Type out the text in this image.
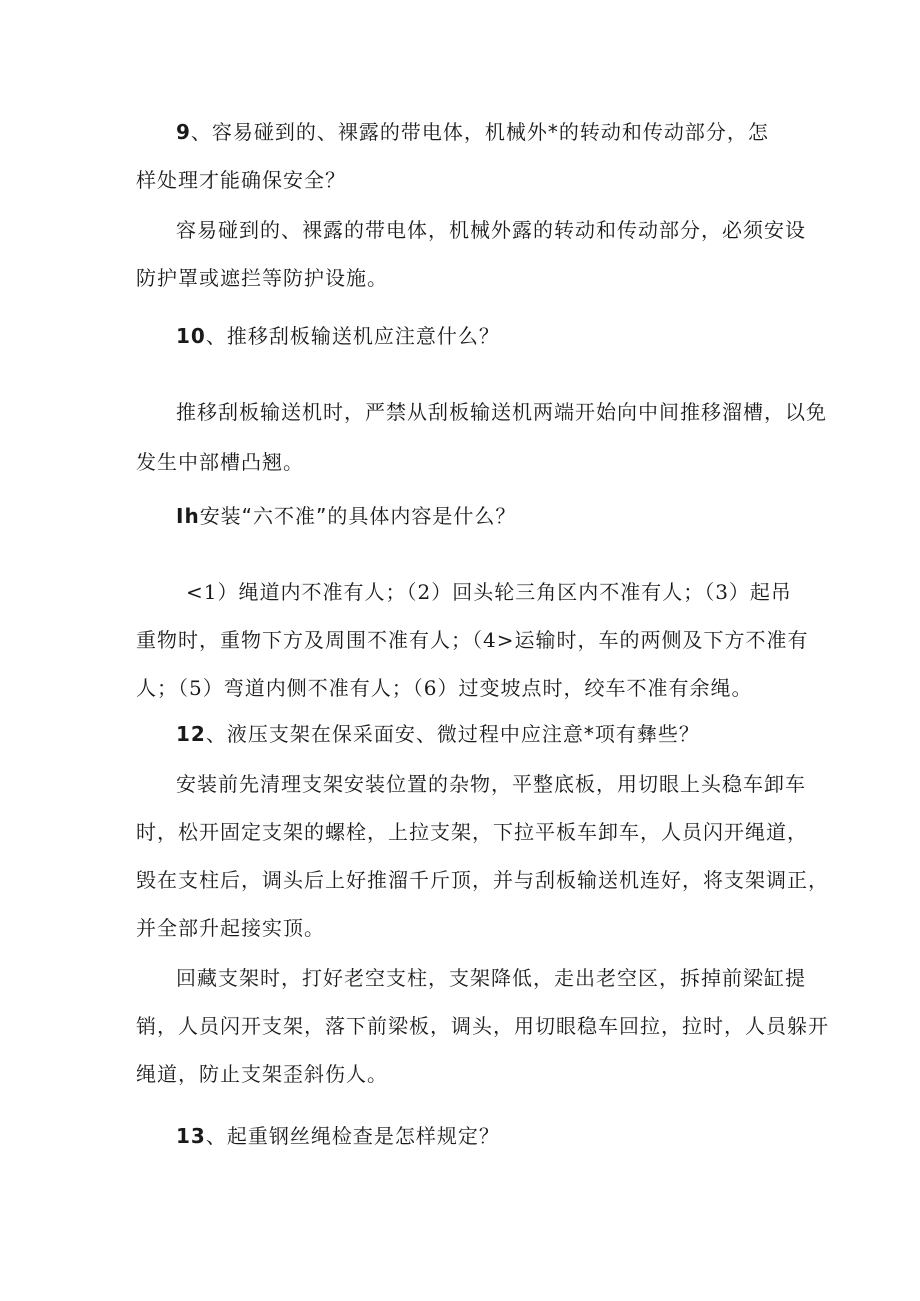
9、容易碰到的、裸露的带电体，机械外*的转动和传动部分，怎
样处理才能确保安全？
容易碰到的、裸露的带电体，机械外露的转动和传动部分，必须安设
防护罩或遮拦等防护设施。
10、推移刮板输送机应注意什么？
推移刮板输送机时，严禁从刮板输送机两端开始向中间推移溜槽，以免
发生中部槽凸翘。
Ih安装“六不准”的具体内容是什么？
<1）绳道内不准有人；（2）回头轮三角区内不准有人；（3）起吊
重物时，重物下方及周围不准有人；（4>运输时，车的两侧及下方不准有
人；（5）弯道内侧不准有人；（6）过变坡点时，绞车不准有余绳。
12、液压支架在保采面安、微过程中应注意*项有彝些？
安装前先清理支架安装位置的杂物，平整底板，用切眼上头稳车卸车
时，松开固定支架的螺栓，上拉支架，下拉平板车卸车，人员闪开绳道，
毁在支柱后，调头后上好推溜千斤顶，并与刮板输送机连好，将支架调正，
并全部升起接实顶。
回藏支架时，打好老空支柱，支架降低，走出老空区，拆掉前梁缸提
销，人员闪开支架，落下前梁板，调头，用切眼稳车回拉，拉时，人员躲开
绳道，防止支架歪斜伤人。
13、起重钢丝绳检查是怎样规定？
